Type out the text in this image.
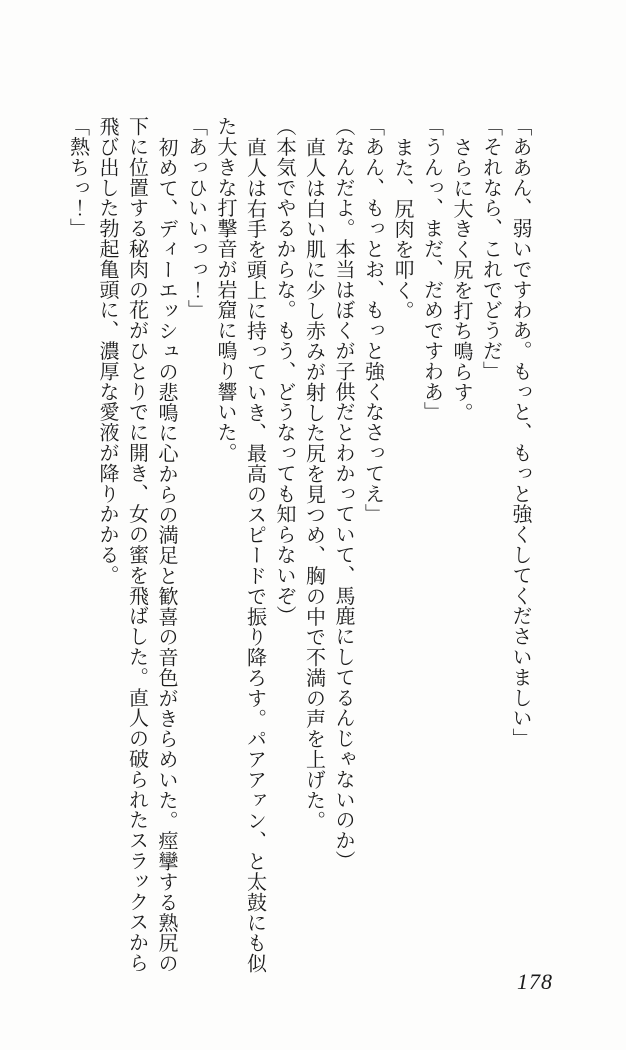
「ああん、弱いですわあ。もっと、もっと強くしてくださいましい」

「それなら、これでどうだ」

さらに大きく尻を打ち鳴らす。

「うんっ、まだ、だめですわあ」

また、尻肉を叩く。

「あん、もっとお、もっと強くなさってえ」

（なんだよ。本当はぼくが子供だとわかっていて、馬鹿にしてるんじゃないのか）

直人は白い肌に少し赤みが射した尻を見つめ、胸の中で不満の声を上げた。

（本気でやるからな。もう、どうなっても知らないぞ）

直人は右手を頭上に持っていき、最高のスピードで振り降ろす。パアアァン、と太鼓にも似

た大きな打撃音が岩窟に鳴り響いた。

「あっひいいっっ！」

初めて、ディーエッシュの悲鳴に心からの満足と歓喜の音色がきらめいた。痙攣する熟尻の

下に位置する秘肉の花がひとりでに開き、女の蜜を飛ばした。直人の破られたスラックスから

飛び出した勃起亀頭に、濃厚な愛液が降りかかる。

「熱ちっ！」

178
